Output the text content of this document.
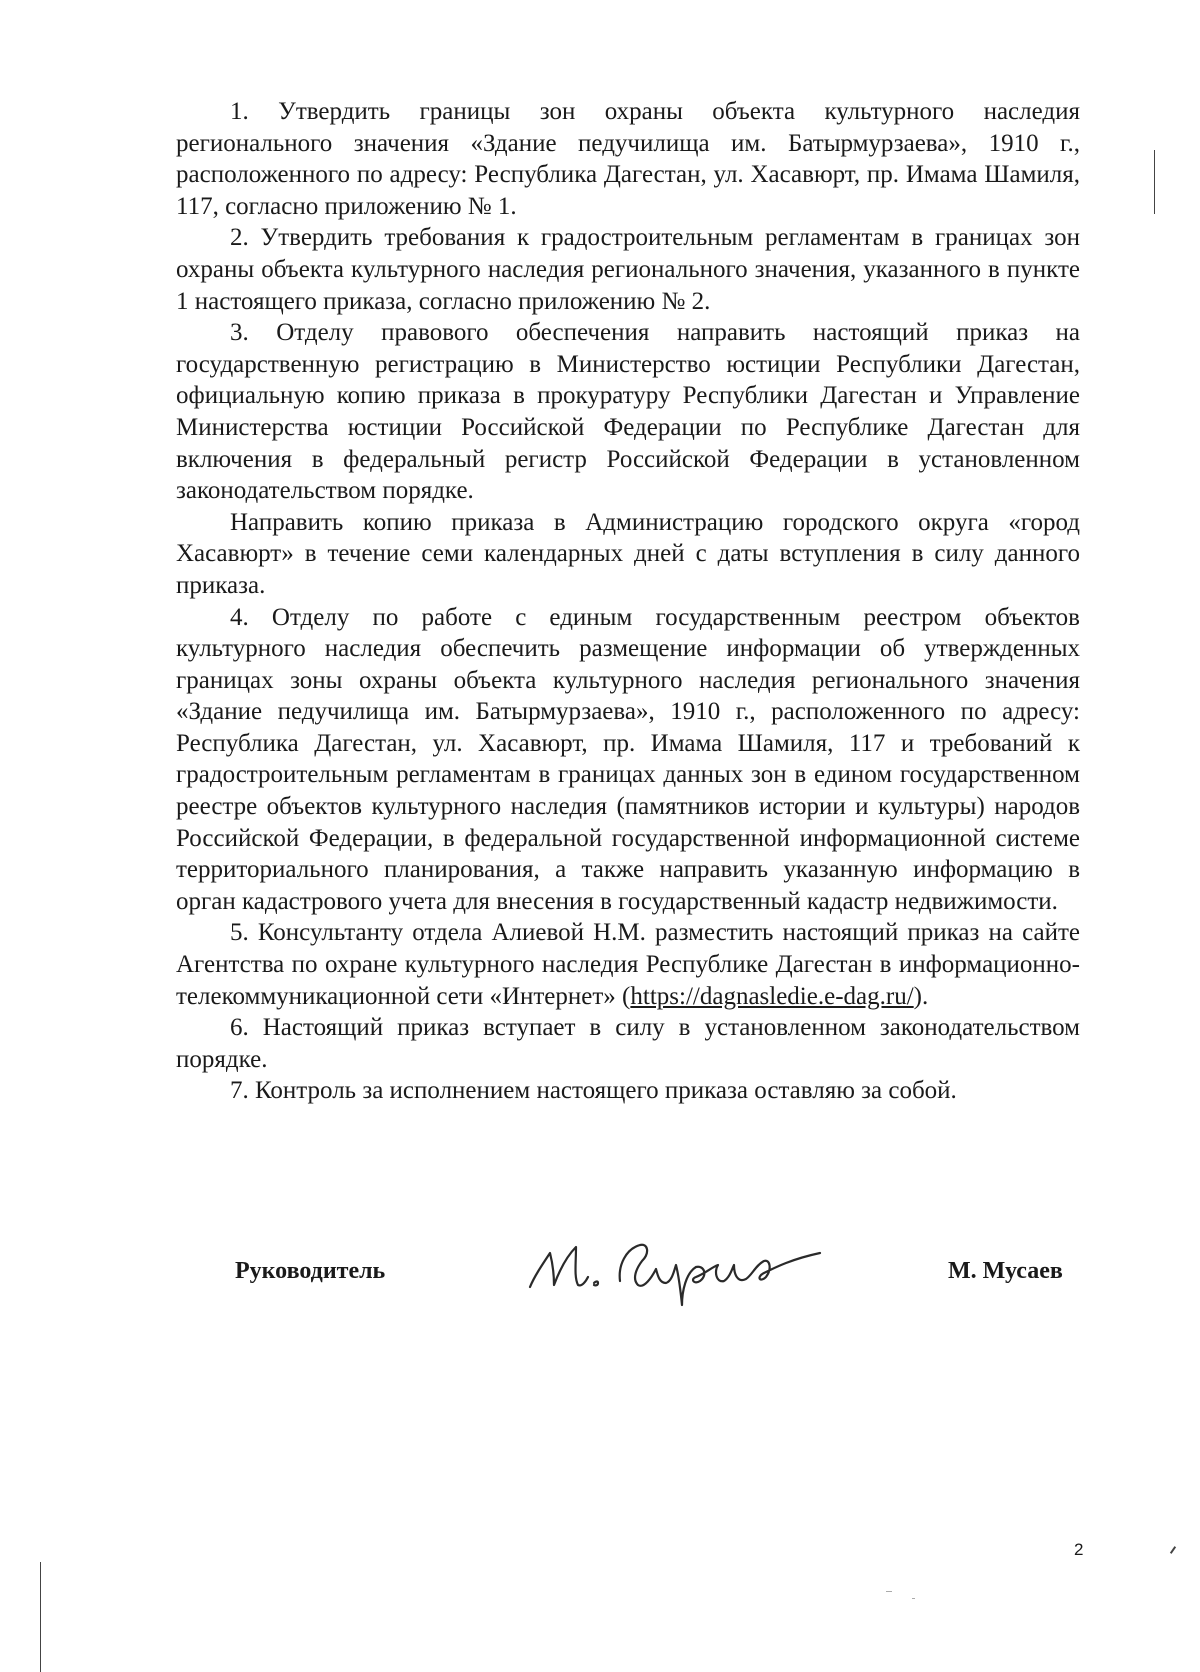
1. Утвердить границы зон охраны объекта культурного наследия регионального значения «Здание педучилища им. Батырмурзаева», 1910 г., расположенного по адресу: Республика Дагестан, ул. Хасавюрт, пр. Имама Шамиля, 117, согласно приложению № 1.

2. Утвердить требования к градостроительным регламентам в границах зон охраны объекта культурного наследия регионального значения, указанного в пункте 1 настоящего приказа, согласно приложению № 2.

3. Отделу правового обеспечения направить настоящий приказ на государственную регистрацию в Министерство юстиции Республики Дагестан, официальную копию приказа в прокуратуру Республики Дагестан и Управление Министерства юстиции Российской Федерации по Республике Дагестан для включения в федеральный регистр Российской Федерации в установленном законодательством порядке.

Направить копию приказа в Администрацию городского округа «город Хасавюрт» в течение семи календарных дней с даты вступления в силу данного приказа.

4. Отделу по работе с единым государственным реестром объектов культурного наследия обеспечить размещение информации об утвержденных границах зоны охраны объекта культурного наследия регионального значения «Здание педучилища им. Батырмурзаева», 1910 г., расположенного по адресу: Республика Дагестан, ул. Хасавюрт, пр. Имама Шамиля, 117 и требований к градостроительным регламентам в границах данных зон в едином государственном реестре объектов культурного наследия (памятников истории и культуры) народов Российской Федерации, в федеральной государственной информационной системе территориального планирования, а также направить указанную информацию в орган кадастрового учета для внесения в государственный кадастр недвижимости.

5. Консультанту отдела Алиевой Н.М. разместить настоящий приказ на сайте Агентства по охране культурного наследия Республике Дагестан в информационно-телекоммуникационной сети «Интернет» (https://dagnasledie.e-dag.ru/).

6. Настоящий приказ вступает в силу в установленном законодательством порядке.

7. Контроль за исполнением настоящего приказа оставляю за собой.

Руководитель	М. Мусаев
2
